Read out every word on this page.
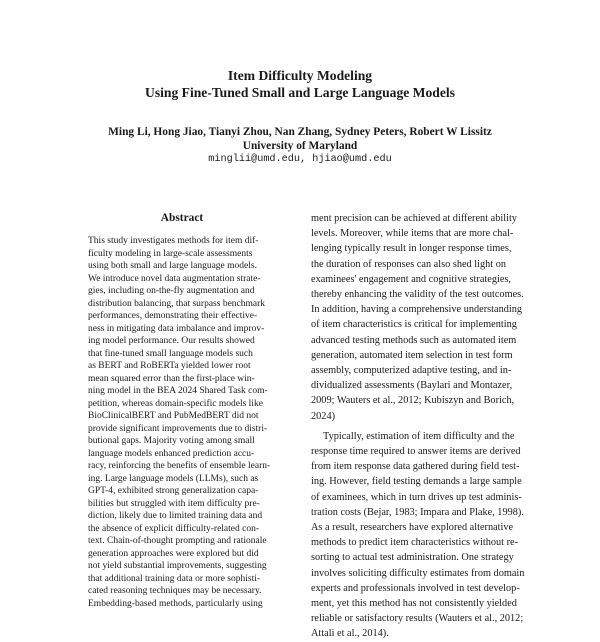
Item Difficulty Modeling
Using Fine-Tuned Small and Large Language Models
Ming Li, Hong Jiao, Tianyi Zhou, Nan Zhang, Sydney Peters, Robert W Lissitz
University of Maryland
minglii@umd.edu, hjiao@umd.edu
Abstract
This study investigates methods for item dif-
ficulty modeling in large-scale assessments
using both small and large language models.
We introduce novel data augmentation strate-
gies, including on-the-fly augmentation and
distribution balancing, that surpass benchmark
performances, demonstrating their effective-
ness in mitigating data imbalance and improv-
ing model performance. Our results showed
that fine-tuned small language models such
as BERT and RoBERTa yielded lower root
mean squared error than the first-place win-
ning model in the BEA 2024 Shared Task com-
petition, whereas domain-specific models like
BioClinicalBERT and PubMedBERT did not
provide significant improvements due to distri-
butional gaps. Majority voting among small
language models enhanced prediction accu-
racy, reinforcing the benefits of ensemble learn-
ing. Large language models (LLMs), such as
GPT-4, exhibited strong generalization capa-
bilities but struggled with item difficulty pre-
diction, likely due to limited training data and
the absence of explicit difficulty-related con-
text. Chain-of-thought prompting and rationale
generation approaches were explored but did
not yield substantial improvements, suggesting
that additional training data or more sophisti-
cated reasoning techniques may be necessary.
Embedding-based methods, particularly using
ment precision can be achieved at different ability
levels. Moreover, while items that are more chal-
lenging typically result in longer response times,
the duration of responses can also shed light on
examinees' engagement and cognitive strategies,
thereby enhancing the validity of the test outcomes.
In addition, having a comprehensive understanding
of item characteristics is critical for implementing
advanced testing methods such as automated item
generation, automated item selection in test form
assembly, computerized adaptive testing, and in-
dividualized assessments (Baylari and Montazer,
2009; Wauters et al., 2012; Kubiszyn and Borich,
2024)
Typically, estimation of item difficulty and the
response time required to answer items are derived
from item response data gathered during field test-
ing. However, field testing demands a large sample
of examinees, which in turn drives up test adminis-
tration costs (Bejar, 1983; Impara and Plake, 1998).
As a result, researchers have explored alternative
methods to predict item characteristics without re-
sorting to actual test administration. One strategy
involves soliciting difficulty estimates from domain
experts and professionals involved in test develop-
ment, yet this method has not consistently yielded
reliable or satisfactory results (Wauters et al., 2012;
Attali et al., 2014).
